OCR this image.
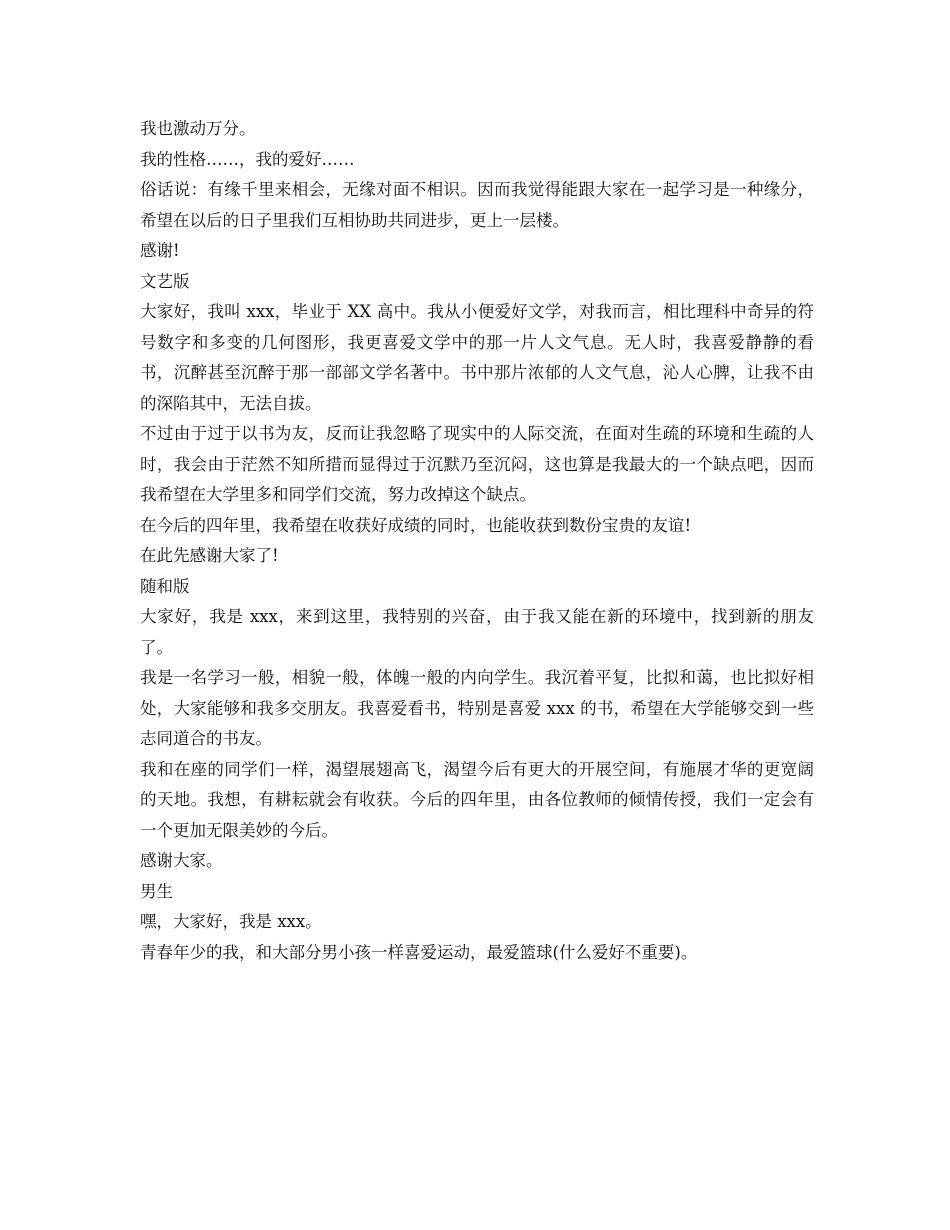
我也激动万分。

我的性格……，我的爱好……

俗话说：有缘千里来相会，无缘对面不相识。因而我觉得能跟大家在一起学习是一种缘分，希望在以后的日子里我们互相协助共同进步，更上一层楼。

感谢!

文艺版

大家好，我叫 xxx，毕业于 XX 高中。我从小便爱好文学，对我而言，相比理科中奇异的符号数字和多变的几何图形，我更喜爱文学中的那一片人文气息。无人时，我喜爱静静的看书，沉醉甚至沉醉于那一部部文学名著中。书中那片浓郁的人文气息，沁人心脾，让我不由的深陷其中，无法自拔。

不过由于过于以书为友，反而让我忽略了现实中的人际交流，在面对生疏的环境和生疏的人时，我会由于茫然不知所措而显得过于沉默乃至沉闷，这也算是我最大的一个缺点吧，因而我希望在大学里多和同学们交流，努力改掉这个缺点。

在今后的四年里，我希望在收获好成绩的同时，也能收获到数份宝贵的友谊!

在此先感谢大家了!

随和版

大家好，我是 xxx，来到这里，我特别的兴奋，由于我又能在新的环境中，找到新的朋友了。

我是一名学习一般，相貌一般，体魄一般的内向学生。我沉着平复，比拟和蔼，也比拟好相处，大家能够和我多交朋友。我喜爱看书，特别是喜爱 xxx 的书，希望在大学能够交到一些志同道合的书友。

我和在座的同学们一样，渴望展翅高飞，渴望今后有更大的开展空间，有施展才华的更宽阔的天地。我想，有耕耘就会有收获。今后的四年里，由各位教师的倾情传授，我们一定会有一个更加无限美妙的今后。

感谢大家。

男生

嘿，大家好，我是 xxx。

青春年少的我，和大部分男小孩一样喜爱运动，最爱篮球(什么爱好不重要)。
